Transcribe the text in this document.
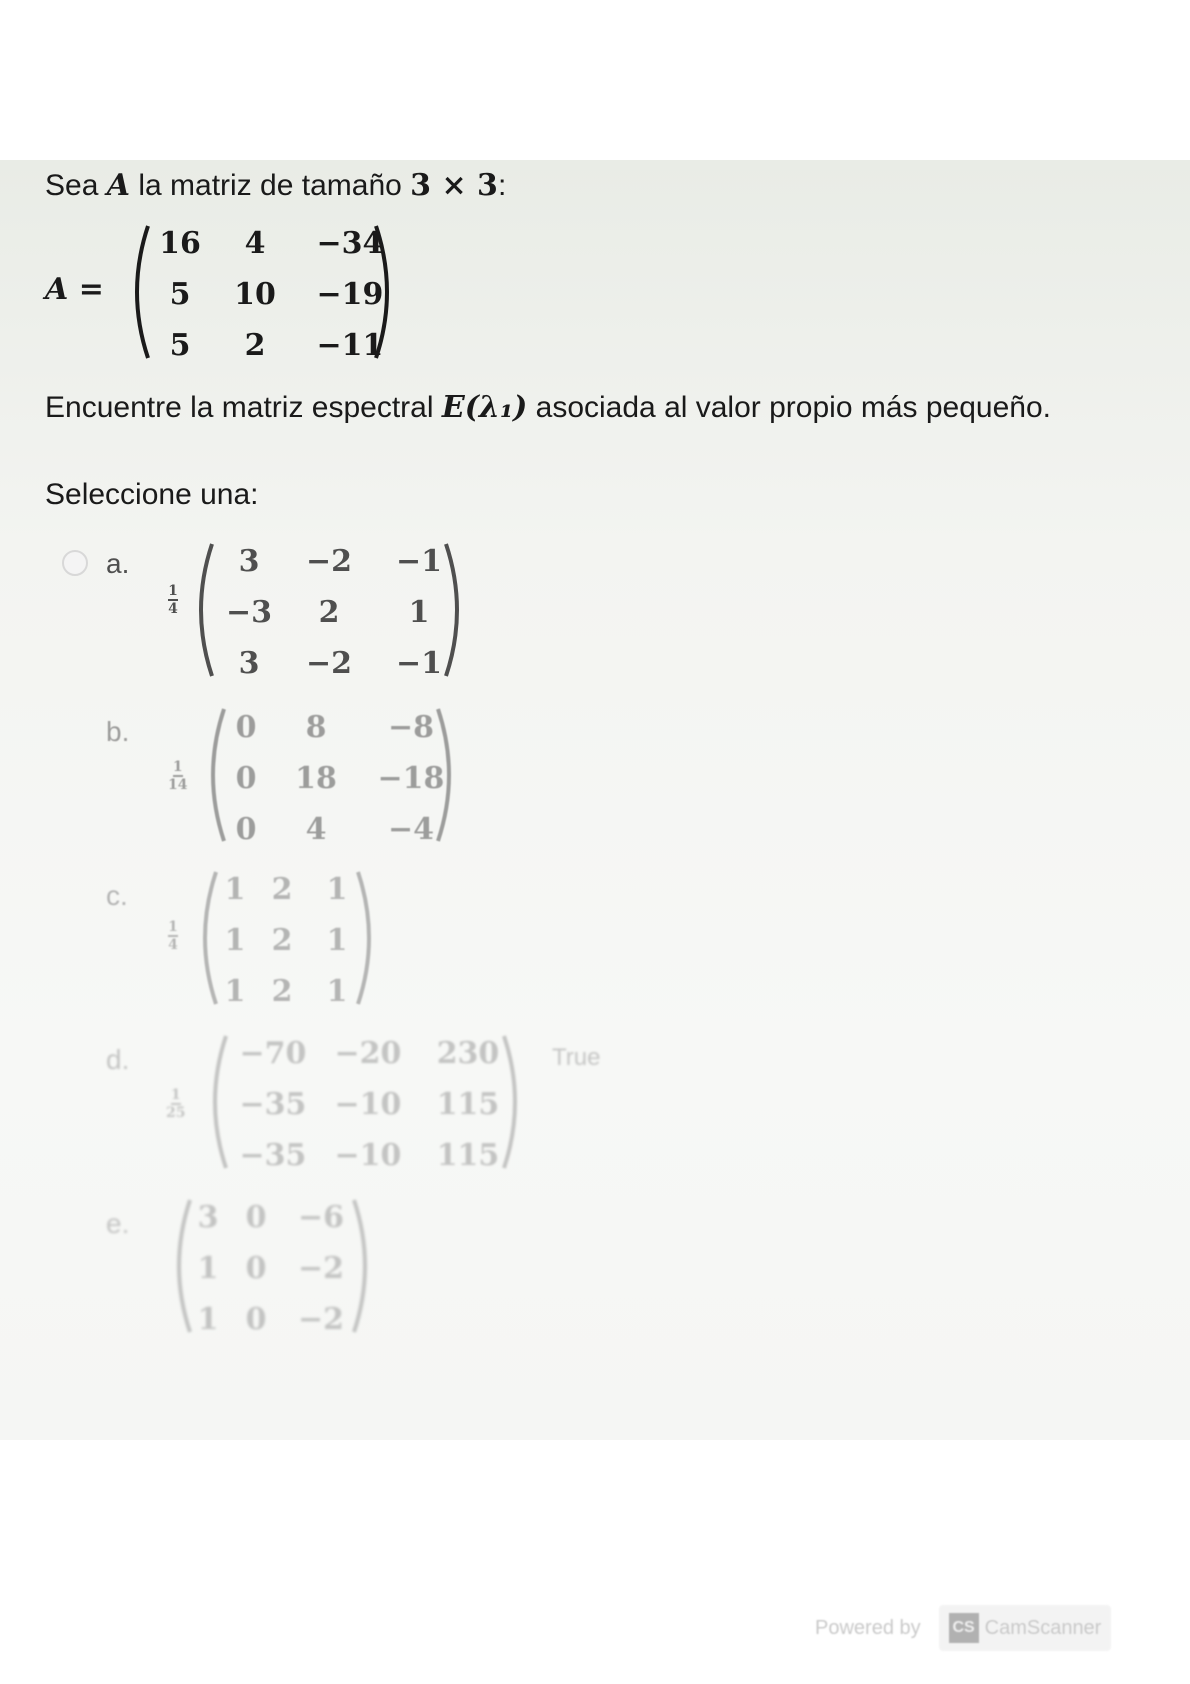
Sea A la matriz de tamaño 3 × 3:
A =
16	4	−34
5	10	−19
5	2	−11
Encuentre la matriz espectral E(λ₁) asociada al valor propio más pequeño.
Seleccione una:
a.
1
4
3	−2	−1
−3	2	1
3	−2	−1
b.
1
14
0	8	−8
0	18	−18
0	4	−4
c.
1
4
1 2	1
1 2	1
1 2	1
d.
1
25
−70 −20	230
−35 −10	115
−35 −10	115
True
e. 3 0	−6
1 0	−2
1 0	−2
Powered by CS CamScanner
